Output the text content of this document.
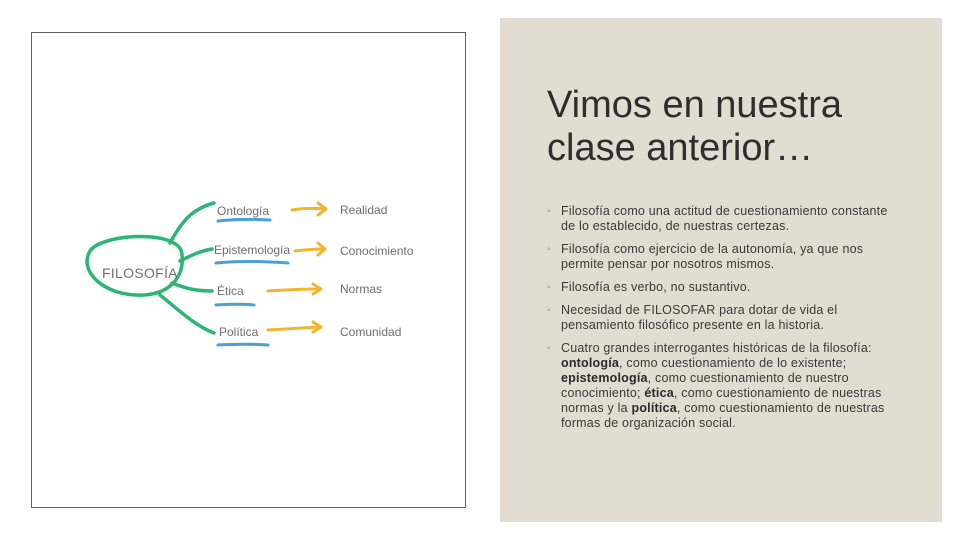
FILOSOFÍA
Ontología
Epistemología
Ética
Política
Realidad
Conocimiento
Normas
Comunidad
Vimos en nuestra
clase anterior…
◦ Filosofía como una actitud de cuestionamiento constante de lo establecido, de nuestras certezas.
◦ Filosofía como ejercicio de la autonomía, ya que nos permite pensar por nosotros mismos.
◦ Filosofía es verbo, no sustantivo.
◦ Necesidad de FILOSOFAR para dotar de vida el pensamiento filosófico presente en la historia.
◦ Cuatro grandes interrogantes históricas de la filosofía: ontología, como cuestionamiento de lo existente; epistemología, como cuestionamiento de nuestro conocimiento; ética, como cuestionamiento de nuestras normas y la política, como cuestionamiento de nuestras formas de organización social.
